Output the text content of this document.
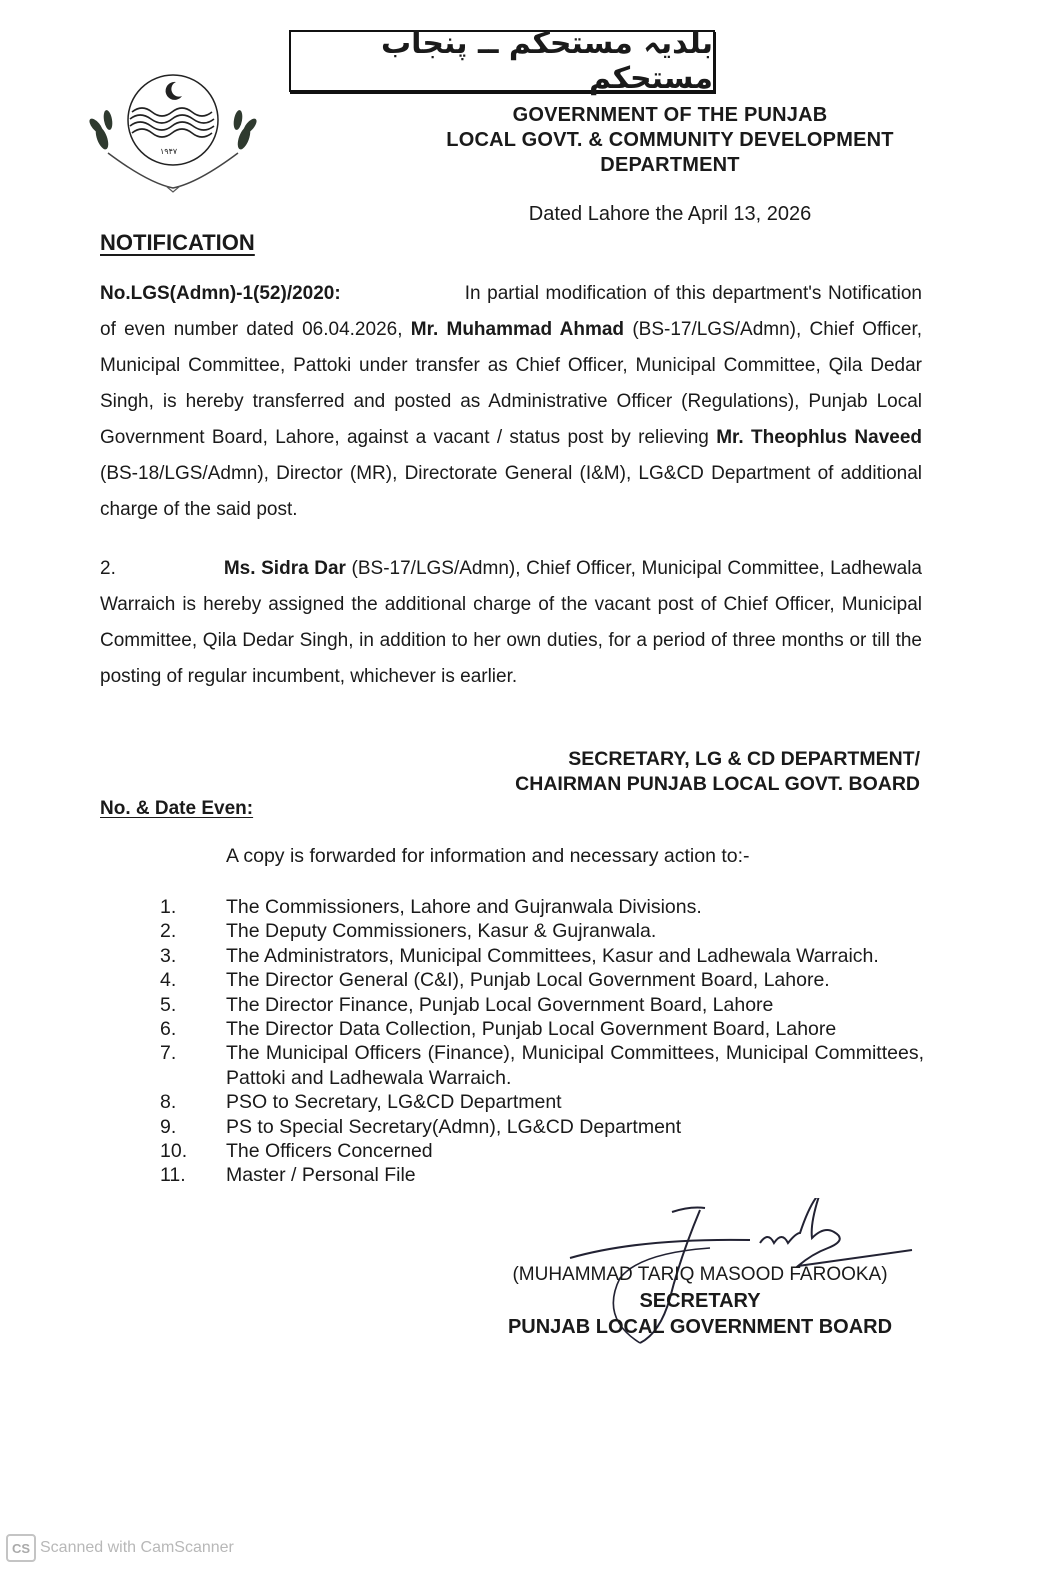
بلدیہ مستحکم ــ پنجاب مستحکم
۱۹۴۷
GOVERNMENT OF THE PUNJAB
LOCAL GOVT. & COMMUNITY DEVELOPMENT
DEPARTMENT
Dated Lahore the April 13, 2026
NOTIFICATION
No.LGS(Admn)-1(52)/2020:	In partial modification of this department's Notification of even number dated 06.04.2026, Mr. Muhammad Ahmad (BS-17/LGS/Admn), Chief Officer, Municipal Committee, Pattoki under transfer as Chief Officer, Municipal Committee, Qila Dedar Singh, is hereby transferred and posted as Administrative Officer (Regulations), Punjab Local Government Board, Lahore, against a vacant / status post by relieving Mr. Theophlus Naveed (BS-18/LGS/Admn), Director (MR), Directorate General (I&M), LG&CD Department of additional charge of the said post.
2.	Ms. Sidra Dar (BS-17/LGS/Admn), Chief Officer, Municipal Committee, Ladhewala Warraich is hereby assigned the additional charge of the vacant post of Chief Officer, Municipal Committee, Qila Dedar Singh, in addition to her own duties, for a period of three months or till the posting of regular incumbent, whichever is earlier.
SECRETARY, LG & CD DEPARTMENT/
CHAIRMAN PUNJAB LOCAL GOVT. BOARD
No. & Date Even:
A copy is forwarded for information and necessary action to:-
1.	The Commissioners, Lahore and Gujranwala Divisions.
2.	The Deputy Commissioners, Kasur & Gujranwala.
3.	The Administrators, Municipal Committees, Kasur and Ladhewala Warraich.
4.	The Director General (C&I), Punjab Local Government Board, Lahore.
5.	The Director Finance, Punjab Local Government Board, Lahore
6.	The Director Data Collection, Punjab Local Government Board, Lahore
7.	The Municipal Officers (Finance), Municipal Committees, Municipal Committees, Pattoki and Ladhewala Warraich.
8.	PSO to Secretary, LG&CD Department
9.	PS to Special Secretary(Admn), LG&CD Department
10.	The Officers Concerned
11.	Master / Personal File
(MUHAMMAD TARIQ MASOOD FAROOKA)
SECRETARY
PUNJAB LOCAL GOVERNMENT BOARD
CS Scanned with CamScanner
